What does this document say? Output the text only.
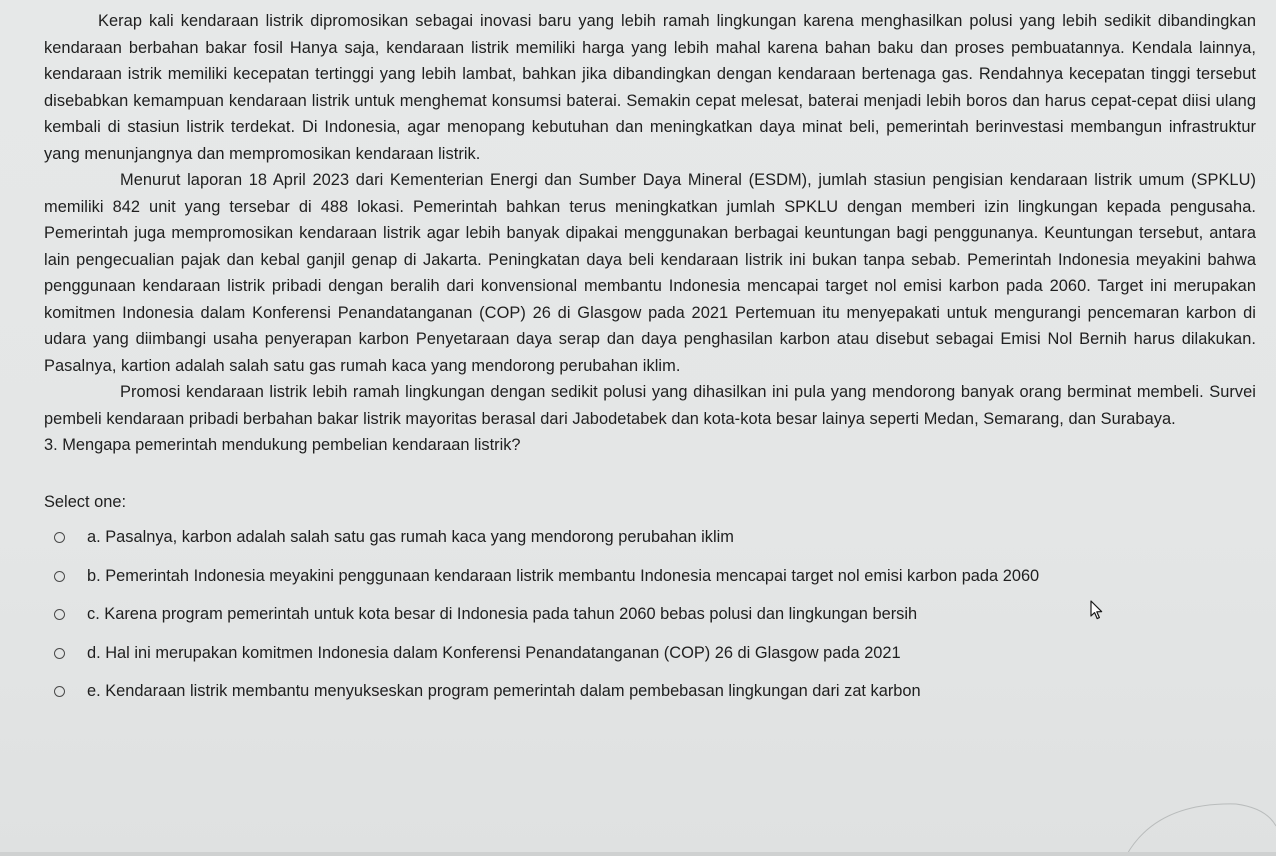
Kerap kali kendaraan listrik dipromosikan sebagai inovasi baru yang lebih ramah lingkungan karena menghasilkan polusi yang lebih sedikit dibandingkan kendaraan berbahan bakar fosil Hanya saja, kendaraan listrik memiliki harga yang lebih mahal karena bahan baku dan proses pembuatannya. Kendala lainnya, kendaraan istrik memiliki kecepatan tertinggi yang lebih lambat, bahkan jika dibandingkan dengan kendaraan bertenaga gas. Rendahnya kecepatan tinggi tersebut disebabkan kemampuan kendaraan listrik untuk menghemat konsumsi baterai. Semakin cepat melesat, baterai menjadi lebih boros dan harus cepat-cepat diisi ulang kembali di stasiun listrik terdekat. Di Indonesia, agar menopang kebutuhan dan meningkatkan daya minat beli, pemerintah berinvestasi membangun infrastruktur yang menunjangnya dan mempromosikan kendaraan listrik.

Menurut laporan 18 April 2023 dari Kementerian Energi dan Sumber Daya Mineral (ESDM), jumlah stasiun pengisian kendaraan listrik umum (SPKLU) memiliki 842 unit yang tersebar di 488 lokasi. Pemerintah bahkan terus meningkatkan jumlah SPKLU dengan memberi izin lingkungan kepada pengusaha. Pemerintah juga mempromosikan kendaraan listrik agar lebih banyak dipakai menggunakan berbagai keuntungan bagi penggunanya. Keuntungan tersebut, antara lain pengecualian pajak dan kebal ganjil genap di Jakarta. Peningkatan daya beli kendaraan listrik ini bukan tanpa sebab. Pemerintah Indonesia meyakini bahwa penggunaan kendaraan listrik pribadi dengan beralih dari konvensional membantu Indonesia mencapai target nol emisi karbon pada 2060. Target ini merupakan komitmen Indonesia dalam Konferensi Penandatanganan (COP) 26 di Glasgow pada 2021 Pertemuan itu menyepakati untuk mengurangi pencemaran karbon di udara yang diimbangi usaha penyerapan karbon Penyetaraan daya serap dan daya penghasilan karbon atau disebut sebagai Emisi Nol Bernih harus dilakukan. Pasalnya, kartion adalah salah satu gas rumah kaca yang mendorong perubahan iklim.

Promosi kendaraan listrik lebih ramah lingkungan dengan sedikit polusi yang dihasilkan ini pula yang mendorong banyak orang berminat membeli. Survei pembeli kendaraan pribadi berbahan bakar listrik mayoritas berasal dari Jabodetabek dan kota-kota besar lainya seperti Medan, Semarang, dan Surabaya.

3. Mengapa pemerintah mendukung pembelian kendaraan listrik?

Select one:
a. Pasalnya, karbon adalah salah satu gas rumah kaca yang mendorong perubahan iklim
b. Pemerintah Indonesia meyakini penggunaan kendaraan listrik membantu Indonesia mencapai target nol emisi karbon pada 2060
c. Karena program pemerintah untuk kota besar di Indonesia pada tahun 2060 bebas polusi dan lingkungan bersih
d. Hal ini merupakan komitmen Indonesia dalam Konferensi Penandatanganan (COP) 26 di Glasgow pada 2021
e. Kendaraan listrik membantu menyukseskan program pemerintah dalam pembebasan lingkungan dari zat karbon
